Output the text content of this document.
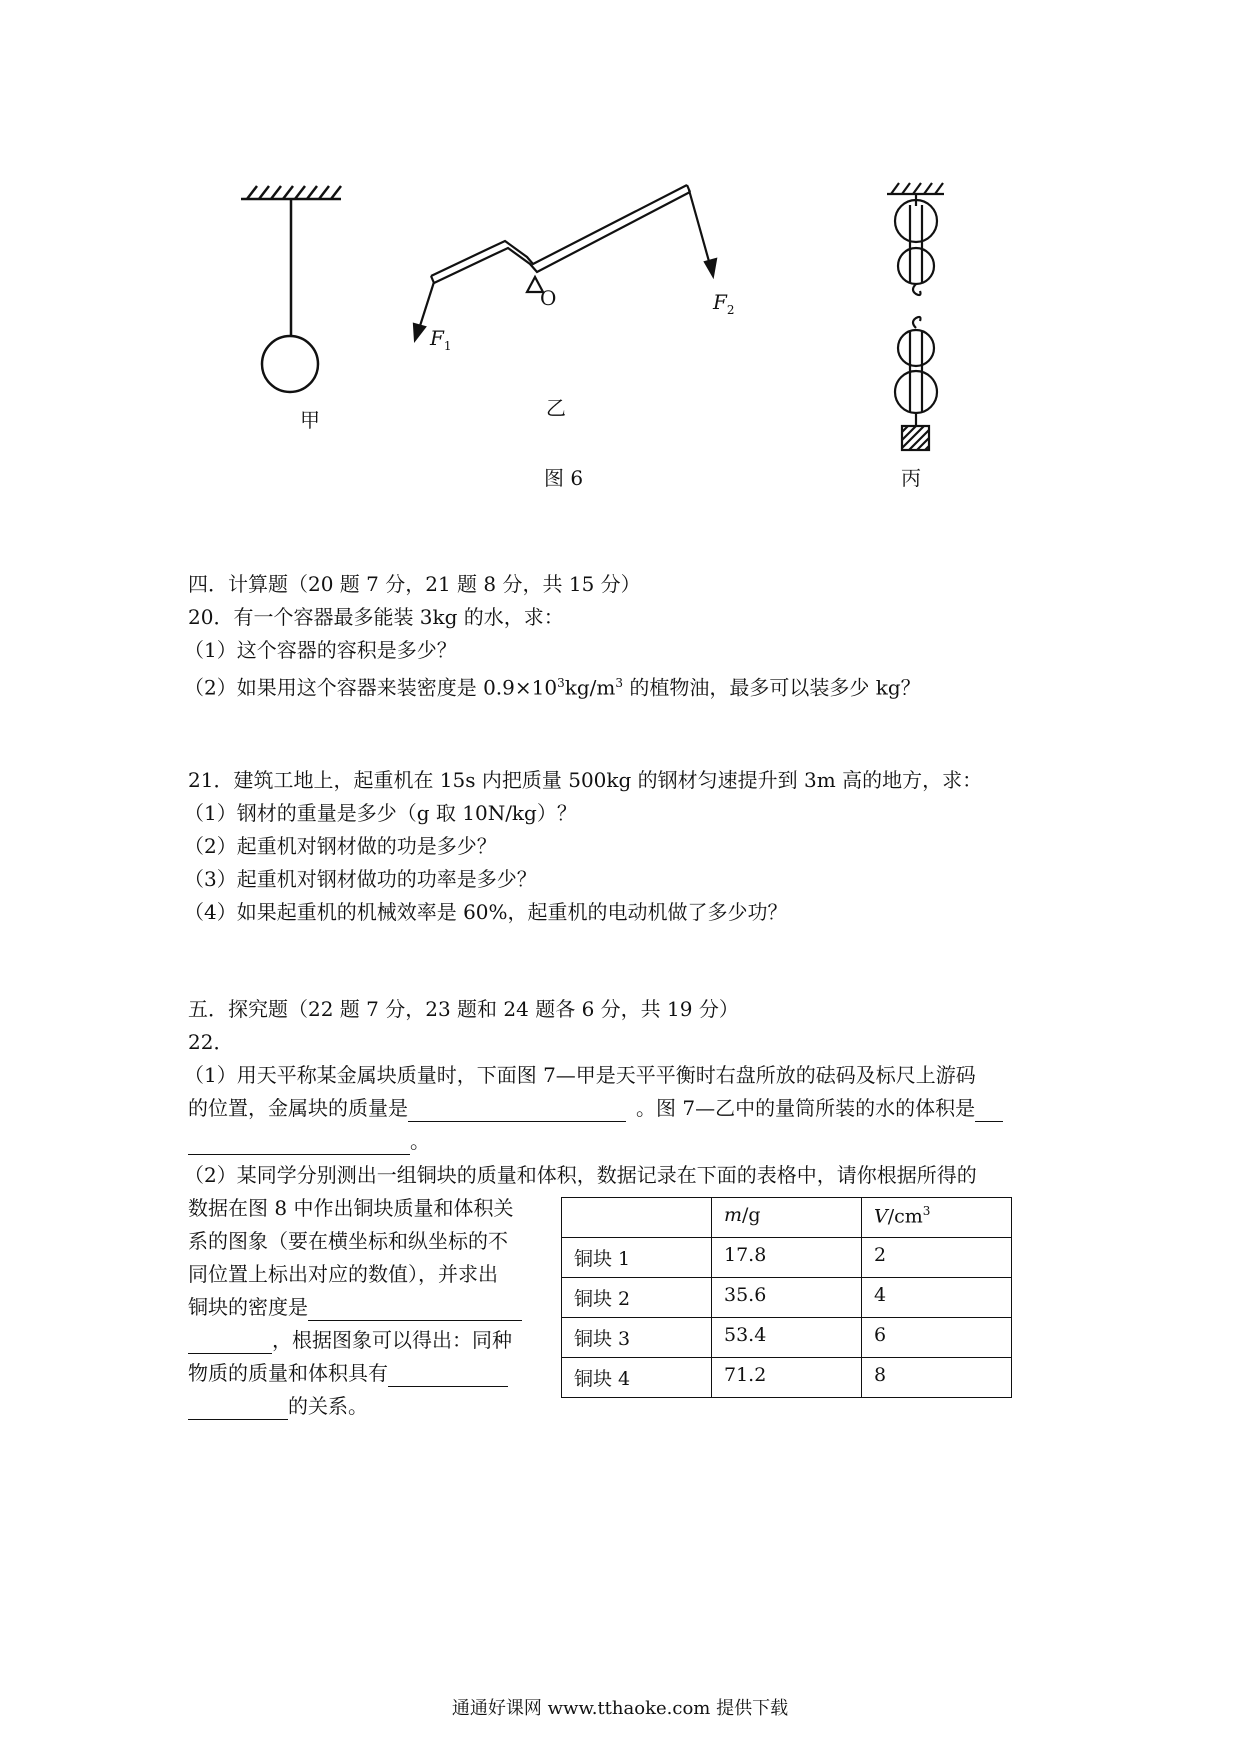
O
$F_1$
$F_2$
甲	乙
丙
图 6
四．计算题（20 题 7 分，21 题 8 分，共 15 分）
20．有一个容器最多能装 3kg 的水，求：
（1）这个容器的容积是多少？
（2）如果用这个容器来装密度是 $0.9\times 10^3kg/m^3$ 的植物油，最多可以装多少 kg？
21．建筑工地上，起重机在 15s 内把质量 500kg 的钢材匀速提升到 3m 高的地方，求：
（1）钢材的重量是多少（g 取 10N/kg）？
（2）起重机对钢材做的功是多少？
（3）起重机对钢材做功的功率是多少？
（4）如果起重机的机械效率是 60%，起重机的电动机做了多少功？
五．探究题（22 题 7 分，23 题和 24 题各 6 分，共 19 分）
22．
（1）用天平称某金属块质量时，下面图 7—甲是天平平衡时右盘所放的砝码及标尺上游码
的位置，金属块的质量是	。图 7—乙中的量筒所装的水的体积是
。
（2）某同学分别测出一组铜块的质量和体积，数据记录在下面的表格中，请你根据所得的
数据在图 8 中作出铜块质量和体积关
系的图象（要在横坐标和纵坐标的不
同位置上标出对应的数值），并求出
铜块的密度是
，根据图象可以得出：同种
物质的质量和体积具有
的关系。
	m/g	$V/cm^3$
铜块 1	17.8	2
铜块 2	35.6	4
铜块 3	53.4	6
铜块 4	71.2	8
通通好课网 www.tthaoke.com 提供下载
